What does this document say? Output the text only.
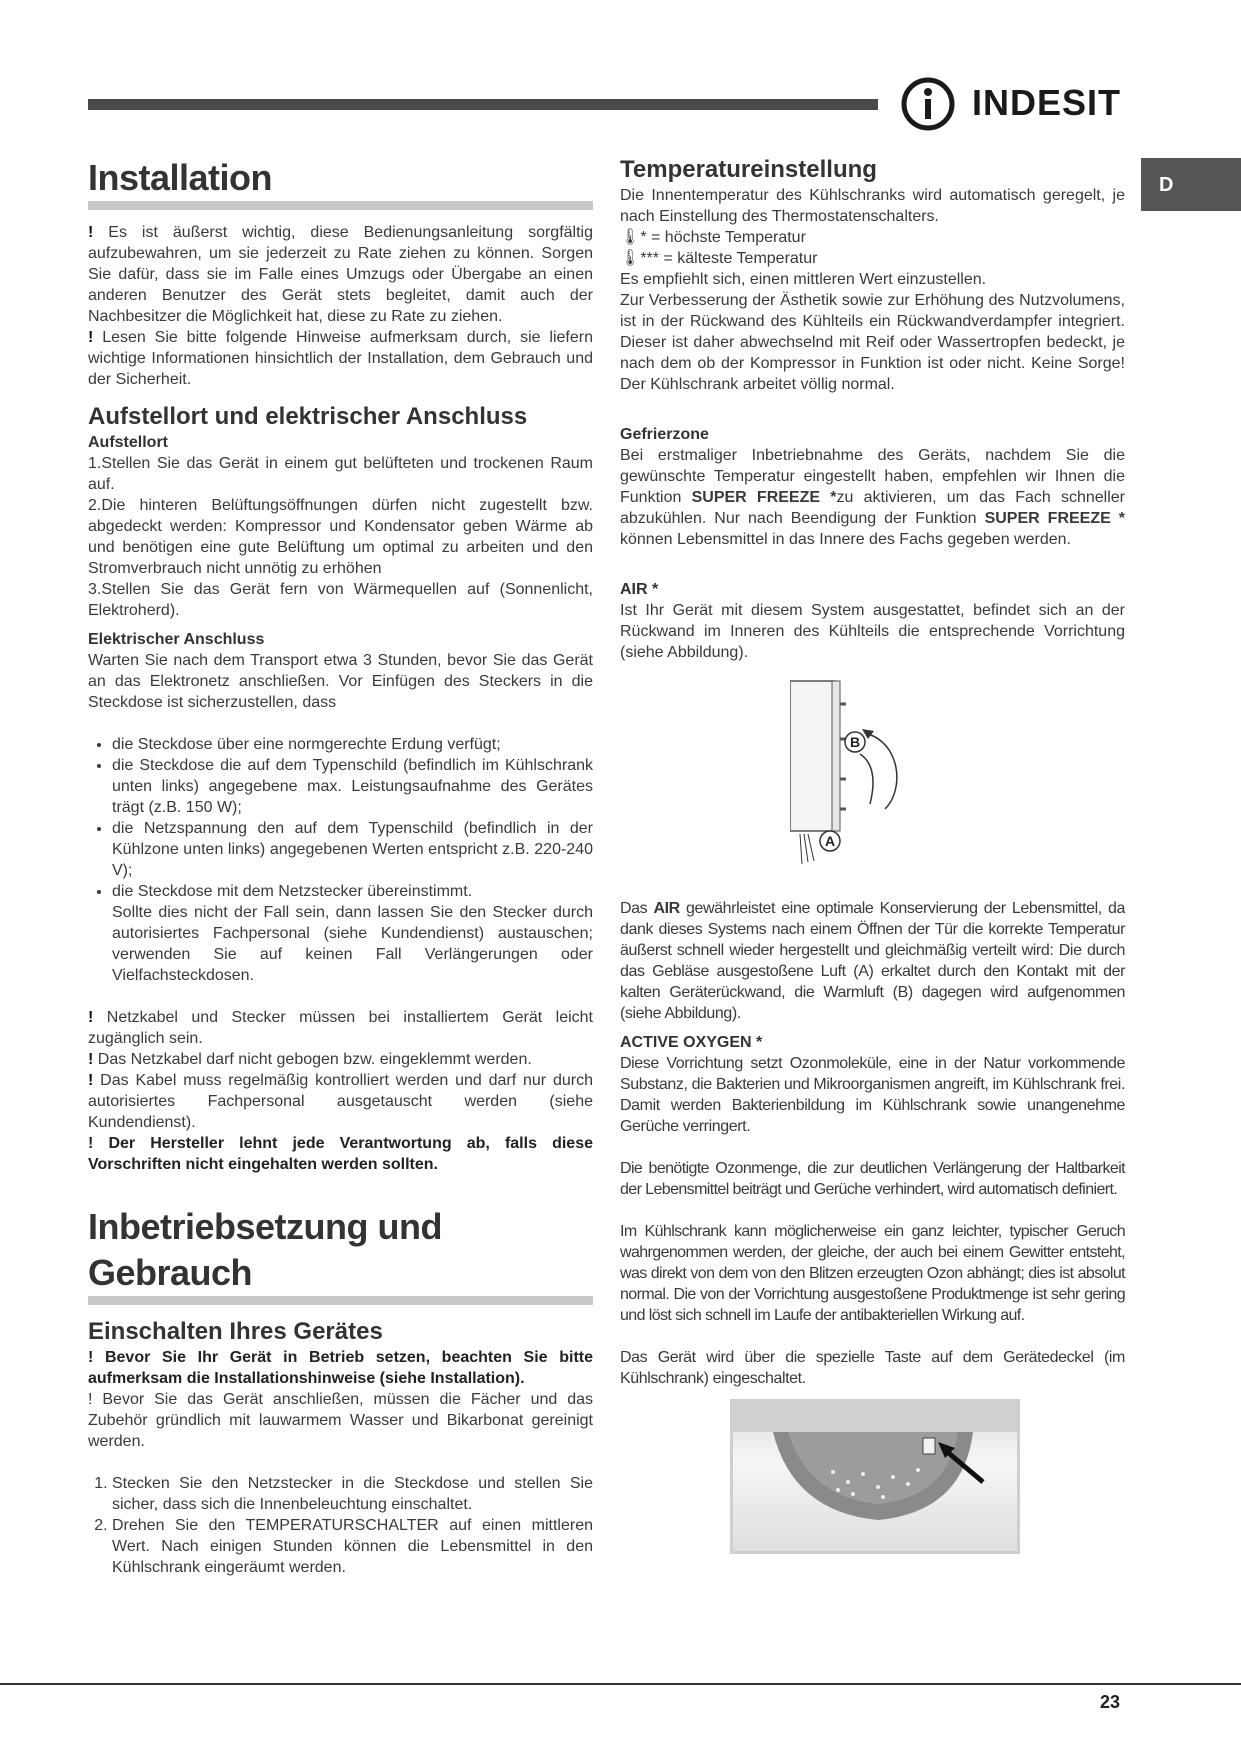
INDESIT
D
Installation

! Es ist äußerst wichtig, diese Bedienungsanleitung sorgfältig aufzubewahren, um sie jederzeit zu Rate ziehen zu können. Sorgen Sie dafür, dass sie im Falle eines Umzugs oder Übergabe an einen anderen Benutzer des Gerät stets begleitet, damit auch der Nachbesitzer die Möglichkeit hat, diese zu Rate zu ziehen.

! Lesen Sie bitte folgende Hinweise aufmerksam durch, sie liefern wichtige Informationen hinsichtlich der Installation, dem Gebrauch und der Sicherheit.

Aufstellort und elektrischer Anschluss
Aufstellort

1.Stellen Sie das Gerät in einem gut belüfteten und trockenen Raum auf.

2.Die hinteren Belüftungsöffnungen dürfen nicht zugestellt bzw. abgedeckt werden: Kompressor und Kondensator geben Wärme ab und benötigen eine gute Belüftung um optimal zu arbeiten und den Stromverbrauch nicht unnötig zu erhöhen

3.Stellen Sie das Gerät fern von Wärmequellen auf (Sonnenlicht, Elektroherd).

Elektrischer Anschluss

Warten Sie nach dem Transport etwa 3 Stunden, bevor Sie das Gerät an das Elektronetz anschließen. Vor Einfügen des Steckers in die Steckdose ist sicherzustellen, dass

• die Steckdose über eine normgerechte Erdung verfügt;
• die Steckdose die auf dem Typenschild (befindlich im Kühlschrank unten links) angegebene max. Leistungsaufnahme des Gerätes trägt (z.B. 150 W);
• die Netzspannung den auf dem Typenschild (befindlich in der Kühlzone unten links) angegebenen Werten entspricht z.B. 220-240 V);
• die Steckdose mit dem Netzstecker übereinstimmt.
Sollte dies nicht der Fall sein, dann lassen Sie den Stecker durch autorisiertes Fachpersonal (siehe Kundendienst) austauschen; verwenden Sie auf keinen Fall Verlängerungen oder Vielfachsteckdosen.

! Netzkabel und Stecker müssen bei installiertem Gerät leicht zugänglich sein.

! Das Netzkabel darf nicht gebogen bzw. eingeklemmt werden.

! Das Kabel muss regelmäßig kontrolliert werden und darf nur durch autorisiertes Fachpersonal ausgetauscht werden (siehe Kundendienst).

! Der Hersteller lehnt jede Verantwortung ab, falls diese Vorschriften nicht eingehalten werden sollten.

Inbetriebsetzung und
Gebrauch
Einschalten Ihres Gerätes

! Bevor Sie Ihr Gerät in Betrieb setzen, beachten Sie bitte aufmerksam die Installationshinweise (siehe Installation).

! Bevor Sie das Gerät anschließen, müssen die Fächer und das Zubehör gründlich mit lauwarmem Wasser und Bikarbonat gereinigt werden.

1. Stecken Sie den Netzstecker in die Steckdose und stellen Sie sicher, dass sich die Innenbeleuchtung einschaltet.
2. Drehen Sie den TEMPERATURSCHALTER auf einen mittleren Wert. Nach einigen Stunden können die Lebensmittel in den Kühlschrank eingeräumt werden.
Temperatureinstellung

Die Innentemperatur des Kühlschranks wird automatisch geregelt, je nach Einstellung des Thermostatenschalters.

🌡* = höchste Temperatur

🌡*** = kälteste Temperatur

Es empfiehlt sich, einen mittleren Wert einzustellen.

Zur Verbesserung der Ästhetik sowie zur Erhöhung des Nutzvolumens, ist in der Rückwand des Kühlteils ein Rückwandverdampfer integriert. Dieser ist daher abwechselnd mit Reif oder Wassertropfen bedeckt, je nach dem ob der Kompressor in Funktion ist oder nicht. Keine Sorge! Der Kühlschrank arbeitet völlig normal.

Gefrierzone

Bei erstmaliger Inbetriebnahme des Geräts, nachdem Sie die gewünschte Temperatur eingestellt haben, empfehlen wir Ihnen die Funktion SUPER FREEZE *zu aktivieren, um das Fach schneller abzukühlen. Nur nach Beendigung der Funktion SUPER FREEZE * können Lebensmittel in das Innere des Fachs gegeben werden.

AIR *

Ist Ihr Gerät mit diesem System ausgestattet, befindet sich an der Rückwand im Inneren des Kühlteils die entsprechende Vorrichtung (siehe Abbildung).

B
A

Das AIR gewährleistet eine optimale Konservierung der Lebensmittel, da dank dieses Systems nach einem Öffnen der Tür die korrekte Temperatur äußerst schnell wieder hergestellt und gleichmäßig verteilt wird: Die durch das Gebläse ausgestoßene Luft (A) erkaltet durch den Kontakt mit der kalten Geräterückwand, die Warmluft (B) dagegen wird aufgenommen (siehe Abbildung).

ACTIVE OXYGEN *

Diese Vorrichtung setzt Ozonmoleküle, eine in der Natur vorkommende Substanz, die Bakterien und Mikroorganismen angreift, im Kühlschrank frei. Damit werden Bakterienbildung im Kühlschrank sowie unangenehme Gerüche verringert.

Die benötigte Ozonmenge, die zur deutlichen Verlängerung der Haltbarkeit der Lebensmittel beiträgt und Gerüche verhindert, wird automatisch definiert.

Im Kühlschrank kann möglicherweise ein ganz leichter, typischer Geruch wahrgenommen werden, der gleiche, der auch bei einem Gewitter entsteht, was direkt von dem von den Blitzen erzeugten Ozon abhängt; dies ist absolut normal. Die von der Vorrichtung ausgestoßene Produktmenge ist sehr gering und löst sich schnell im Laufe der antibakteriellen Wirkung auf.

Das Gerät wird über die spezielle Taste auf dem Gerätedeckel (im Kühlschrank) eingeschaltet.

23
